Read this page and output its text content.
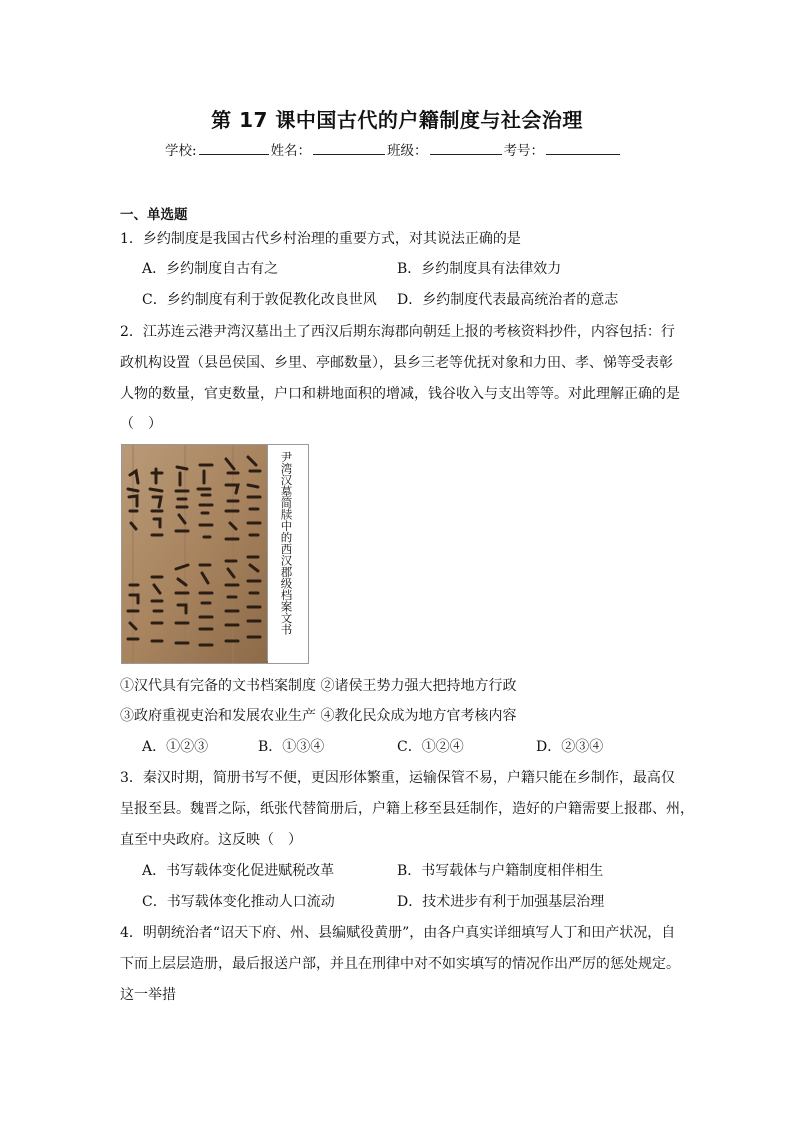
第 17 课中国古代的户籍制度与社会治理
学校:	姓名：	班级：	考号：
一、单选题
1．乡约制度是我国古代乡村治理的重要方式，对其说法正确的是
A．乡约制度自古有之	B．乡约制度具有法律效力
C．乡约制度有利于敦促教化改良世风 D．乡约制度代表最高统治者的意志
2．江苏连云港尹湾汉墓出土了西汉后期东海郡向朝廷上报的考核资料抄件，内容包括：行
政机构设置（县邑侯国、乡里、亭邮数量），县乡三老等优抚对象和力田、孝、悌等受表彰
人物的数量，官吏数量，户口和耕地面积的增减，钱谷收入与支出等等。对此理解正确的是
（　）
尹湾汉墓简牍中的西汉郡级档案文书
①汉代具有完备的文书档案制度 ②诸侯王势力强大把持地方行政
③政府重视吏治和发展农业生产 ④教化民众成为地方官考核内容
A．①②③	B．①③④	C．①②④	D．②③④
3．秦汉时期，简册书写不便，更因形体繁重，运输保管不易，户籍只能在乡制作，最高仅
呈报至县。魏晋之际，纸张代替简册后，户籍上移至县廷制作，造好的户籍需要上报郡、州，
直至中央政府。这反映（　）
A．书写载体变化促进赋税改革	B．书写载体与户籍制度相伴相生
C．书写载体变化推动人口流动	D．技术进步有利于加强基层治理
4．明朝统治者“诏天下府、州、县编赋役黄册”，由各户真实详细填写人丁和田产状况，自
下而上层层造册，最后报送户部，并且在刑律中对不如实填写的情况作出严厉的惩处规定。
这一举措
